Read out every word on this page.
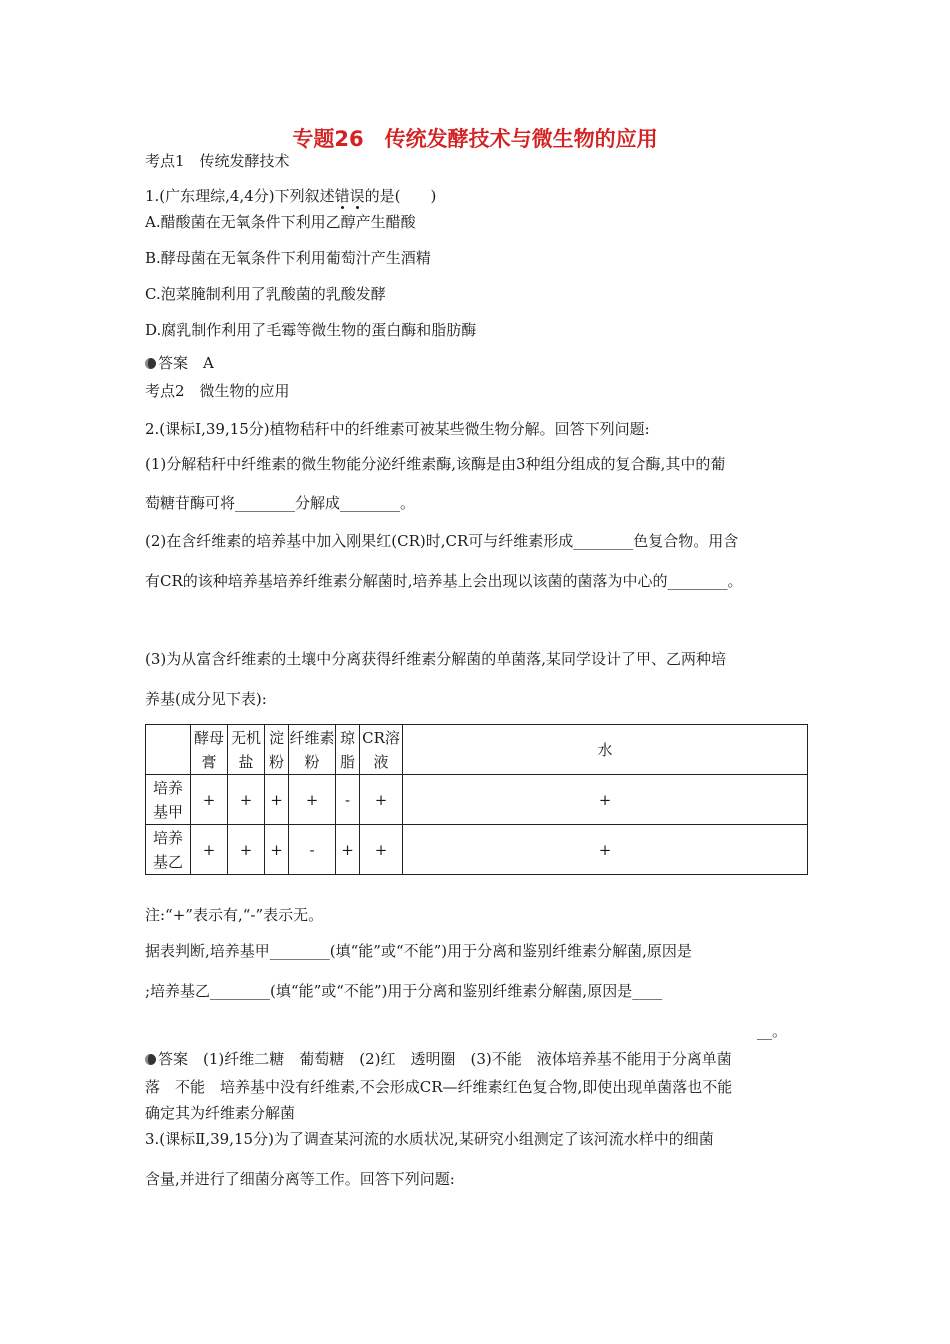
专题26　传统发酵技术与微生物的应用
考点1　传统发酵技术
1.(广东理综,4,4分)下列叙述错误的是(　　)
A.醋酸菌在无氧条件下利用乙醇产生醋酸
B.酵母菌在无氧条件下利用葡萄汁产生酒精
C.泡菜腌制利用了乳酸菌的乳酸发酵
D.腐乳制作利用了毛霉等微生物的蛋白酶和脂肪酶
答案　A
考点2　微生物的应用
2.(课标Ⅰ,39,15分)植物秸秆中的纤维素可被某些微生物分解。回答下列问题:
(1)分解秸秆中纤维素的微生物能分泌纤维素酶,该酶是由3种组分组成的复合酶,其中的葡
萄糖苷酶可将________分解成________。
(2)在含纤维素的培养基中加入刚果红(CR)时,CR可与纤维素形成________色复合物。用含
有CR的该种培养基培养纤维素分解菌时,培养基上会出现以该菌的菌落为中心的________。
(3)为从富含纤维素的土壤中分离获得纤维素分解菌的单菌落,某同学设计了甲、乙两种培
养基(成分见下表):
	酵母膏	无机盐	淀粉	纤维素粉	琼脂	CR溶液	水
培养基甲	+	+	+	+	-	+	+
培养基乙	+	+	+	-	+	+	+
注:“+”表示有,“-”表示无。
据表判断,培养基甲________(填“能”或“不能”)用于分离和鉴别纤维素分解菌,原因是
;培养基乙________(填“能”或“不能”)用于分离和鉴别纤维素分解菌,原因是____
__。
答案　(1)纤维二糖　葡萄糖　(2)红　透明圈　(3)不能　液体培养基不能用于分离单菌
落　不能　培养基中没有纤维素,不会形成CR—纤维素红色复合物,即使出现单菌落也不能
确定其为纤维素分解菌
3.(课标Ⅱ,39,15分)为了调查某河流的水质状况,某研究小组测定了该河流水样中的细菌
含量,并进行了细菌分离等工作。回答下列问题:
